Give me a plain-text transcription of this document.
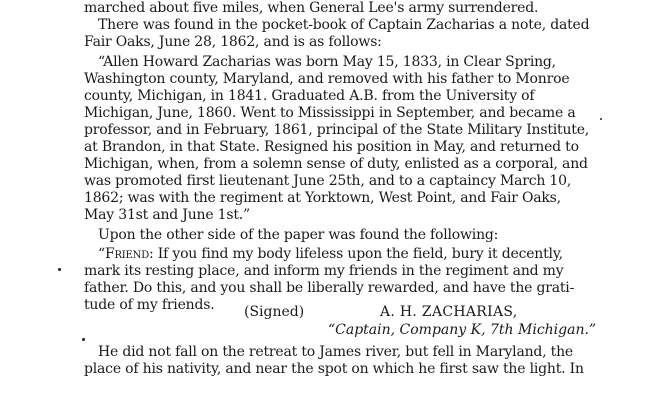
marched about five miles, when General Lee's army surrendered.
There was found in the pocket-book of Captain Zacharias a note, dated
Fair Oaks, June 28, 1862, and is as follows:
“Allen Howard Zacharias was born May 15, 1833, in Clear Spring,
Washington county, Maryland, and removed with his father to Monroe
county, Michigan, in 1841. Graduated A.B. from the University of
Michigan, June, 1860. Went to Mississippi in September, and became a
professor, and in February, 1861, principal of the State Military Institute,
at Brandon, in that State. Resigned his position in May, and returned to
Michigan, when, from a solemn sense of duty, enlisted as a corporal, and
was promoted first lieutenant June 25th, and to a captaincy March 10,
1862; was with the regiment at Yorktown, West Point, and Fair Oaks,
May 31st and June 1st.”
Upon the other side of the paper was found the following:
“Friend: If you find my body lifeless upon the field, bury it decently,
mark its resting place, and inform my friends in the regiment and my
father. Do this, and you shall be liberally rewarded, and have the grati-
tude of my friends. (Signed)	A. H. ZACHARIAS,
“Captain, Company K, 7th Michigan.”
He did not fall on the retreat to James river, but fell in Maryland, the
place of his nativity, and near the spot on which he first saw the light. In
